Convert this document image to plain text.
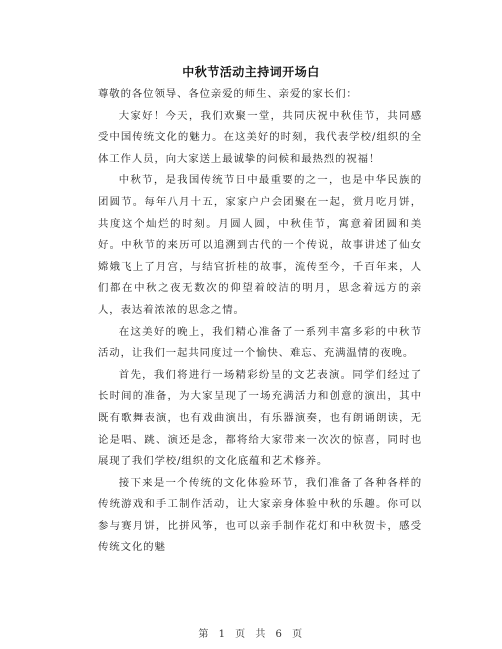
中秋节活动主持词开场白

尊敬的各位领导、各位亲爱的师生、亲爱的家长们：

大家好！今天，我们欢聚一堂，共同庆祝中秋佳节，共同感受中国传统文化的魅力。在这美好的时刻，我代表学校/组织的全体工作人员，向大家送上最诚挚的问候和最热烈的祝福！

中秋节，是我国传统节日中最重要的之一，也是中华民族的团圆节。每年八月十五，家家户户会团聚在一起，赏月吃月饼，共度这个灿烂的时刻。月圆人圆，中秋佳节，寓意着团圆和美好。中秋节的来历可以追溯到古代的一个传说，故事讲述了仙女嫦娥飞上了月宫，与结官折桂的故事，流传至今，千百年来，人们都在中秋之夜无数次的仰望着皎洁的明月，思念着远方的亲人，表达着浓浓的思念之情。

在这美好的晚上，我们精心准备了一系列丰富多彩的中秋节活动，让我们一起共同度过一个愉快、难忘、充满温情的夜晚。

首先，我们将进行一场精彩纷呈的文艺表演。同学们经过了长时间的准备，为大家呈现了一场充满活力和创意的演出，其中既有歌舞表演，也有戏曲演出，有乐器演奏，也有朗诵朗读，无论是唱、跳、演还是念，都将给大家带来一次次的惊喜，同时也展现了我们学校/组织的文化底蕴和艺术修养。

接下来是一个传统的文化体验环节，我们准备了各种各样的传统游戏和手工制作活动，让大家亲身体验中秋的乐趣。你可以参与赛月饼，比拼风筝，也可以亲手制作花灯和中秋贺卡，感受传统文化的魅

第 1 页 共 6 页
